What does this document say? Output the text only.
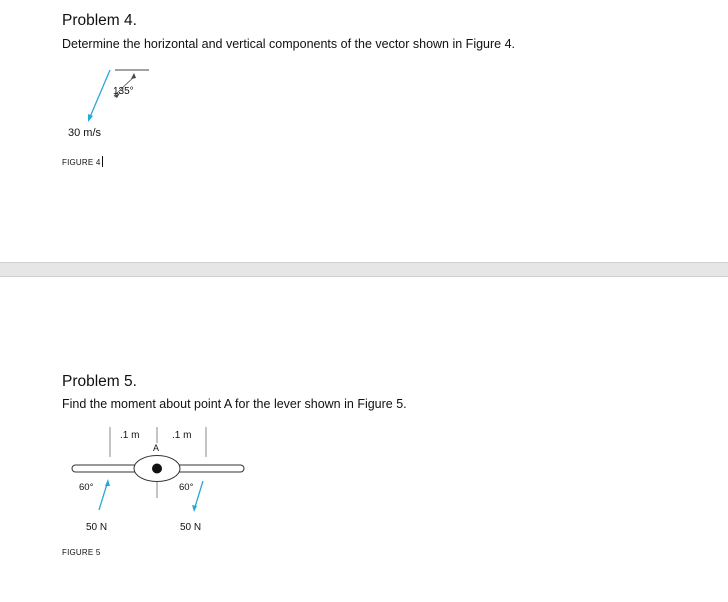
Problem 4.
Determine the horizontal and vertical components of the vector shown in Figure 4.
135°
30 m/s
FIGURE 4
Problem 5.
Find the moment about point A for the lever shown in Figure 5.
.1 m	.1 m
A
60°
50 N
60°
50 N
FIGURE 5
